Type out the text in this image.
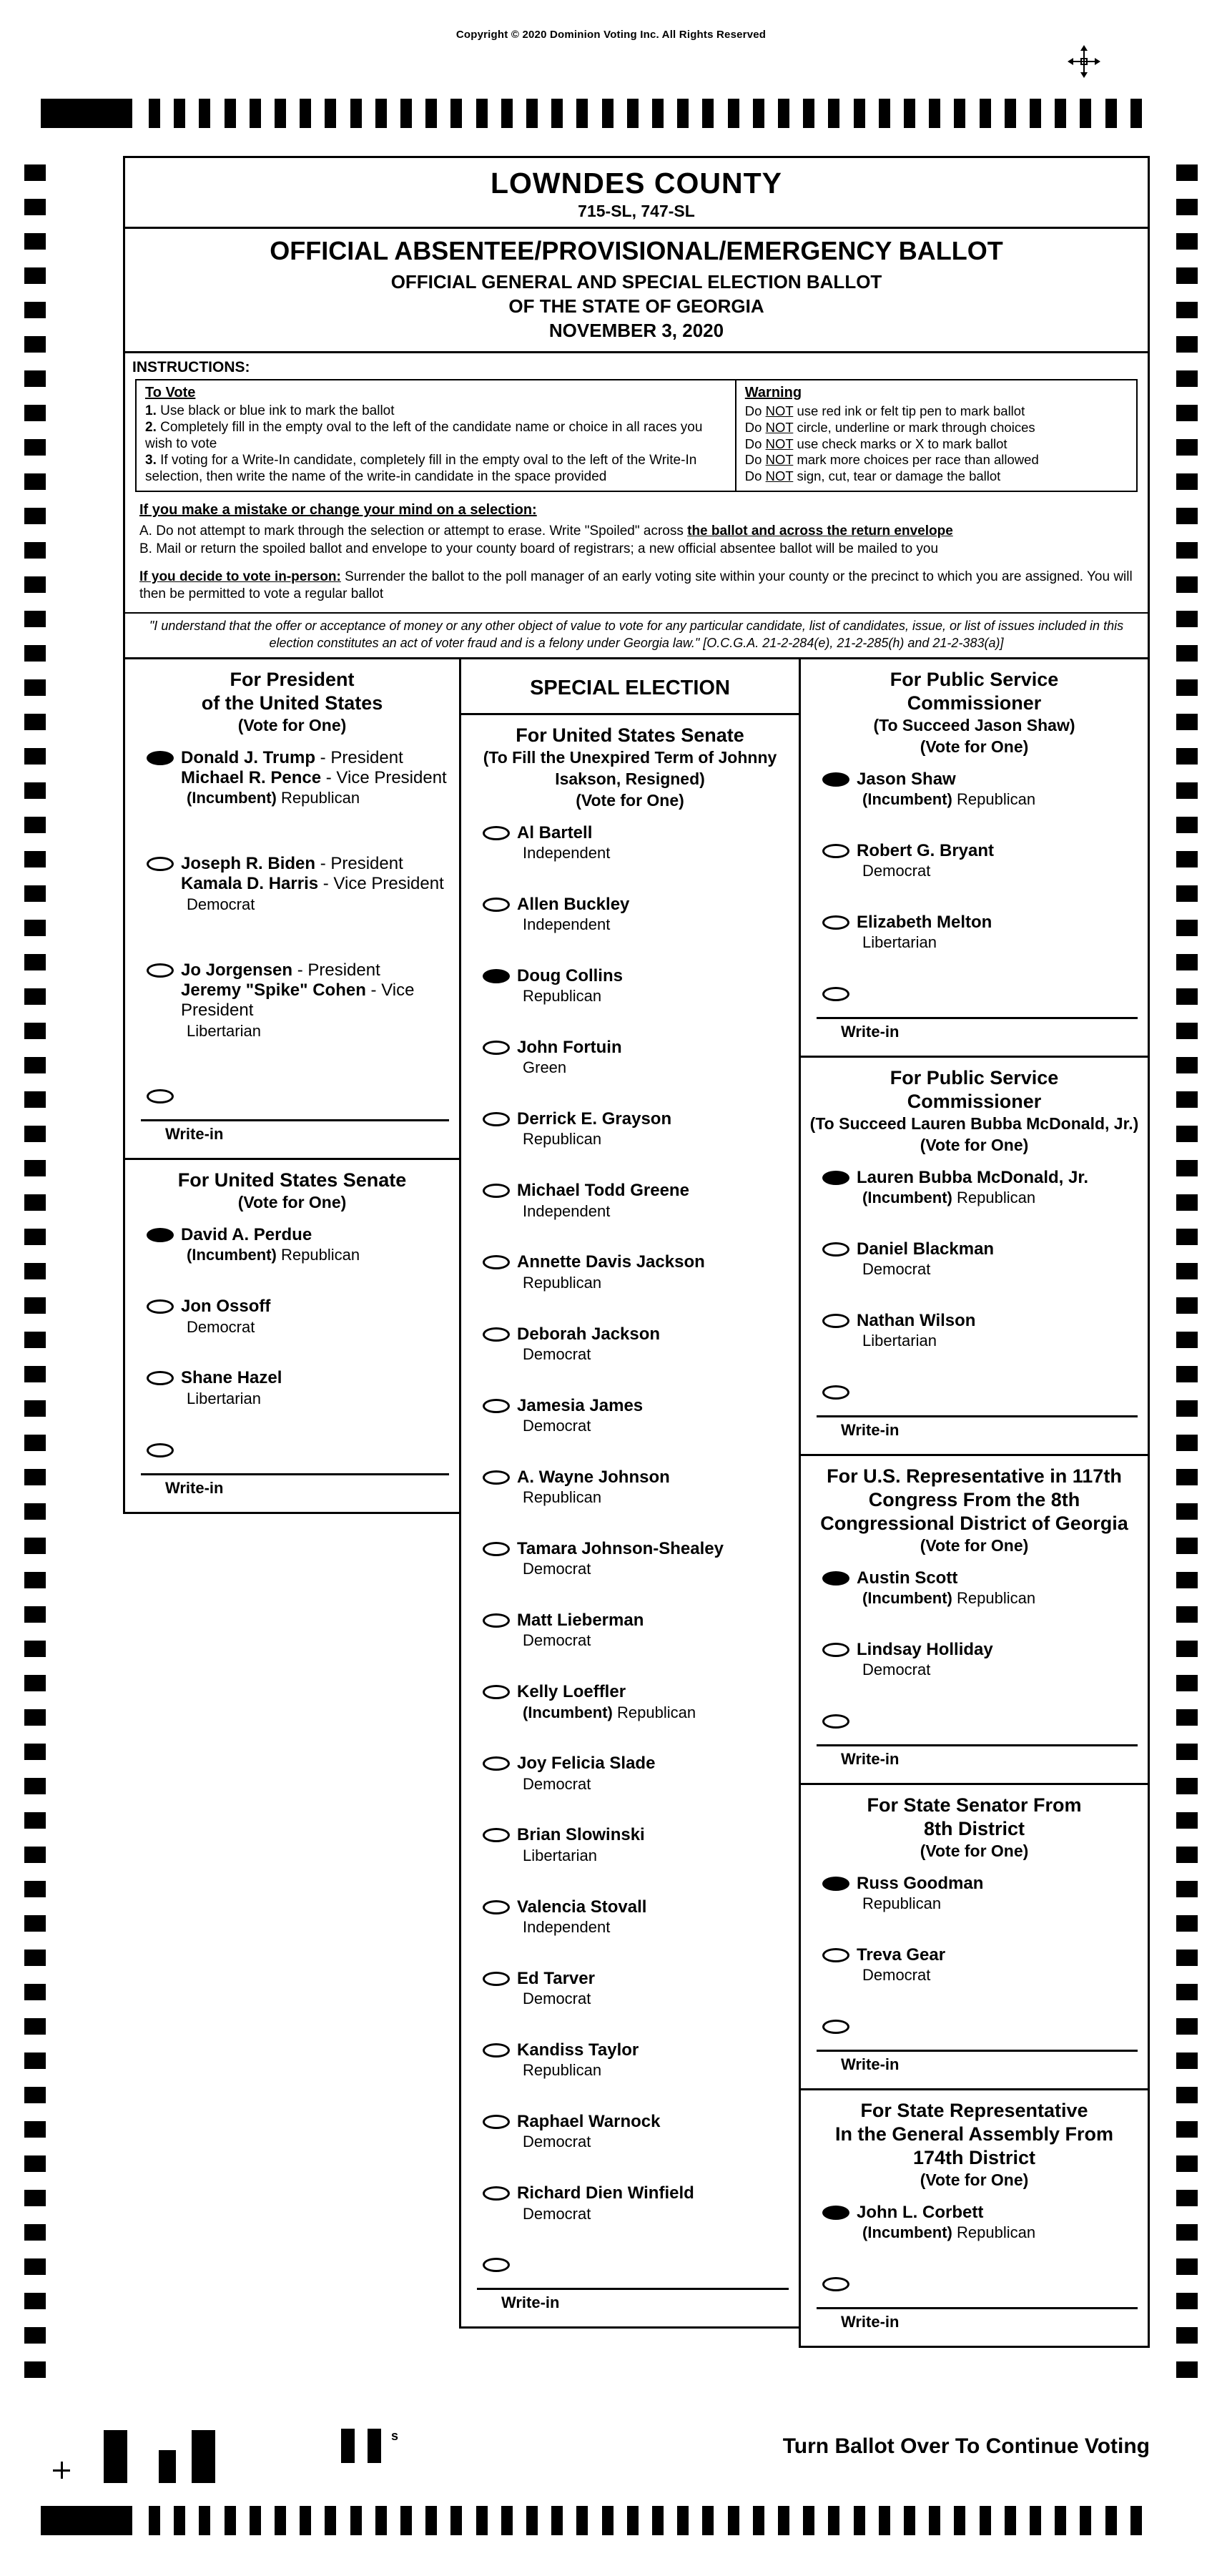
Copyright © 2020 Dominion Voting Inc. All Rights Reserved
LOWNDES COUNTY
715-SL, 747-SL
OFFICIAL ABSENTEE/PROVISIONAL/EMERGENCY BALLOT
OFFICIAL GENERAL AND SPECIAL ELECTION BALLOT
OF THE STATE OF GEORGIA
NOVEMBER 3, 2020
INSTRUCTIONS:
To Vote
1. Use black or blue ink to mark the ballot
2. Completely fill in the empty oval to the left of the candidate name or choice in all races you wish to vote
3. If voting for a Write-In candidate, completely fill in the empty oval to the left of the Write-In selection, then write the name of the write-in candidate in the space provided
Warning
Do NOT use red ink or felt tip pen to mark ballot
Do NOT circle, underline or mark through choices
Do NOT use check marks or X to mark ballot
Do NOT mark more choices per race than allowed
Do NOT sign, cut, tear or damage the ballot
If you make a mistake or change your mind on a selection:
A. Do not attempt to mark through the selection or attempt to erase. Write "Spoiled" across the ballot and across the return envelope
B. Mail or return the spoiled ballot and envelope to your county board of registrars; a new official absentee ballot will be mailed to you
If you decide to vote in-person: Surrender the ballot to the poll manager of an early voting site within your county or the precinct to which you are assigned. You will then be permitted to vote a regular ballot
"I understand that the offer or acceptance of money or any other object of value to vote for any particular candidate, list of candidates, issue, or list of issues included in this election constitutes an act of voter fraud and is a felony under Georgia law." [O.C.G.A. 21-2-284(e), 21-2-285(h) and 21-2-383(a)]
For President
of the United States
(Vote for One)
Donald J. Trump - President
Michael R. Pence - Vice President
(Incumbent) Republican
Joseph R. Biden - President
Kamala D. Harris - Vice President
Democrat
Jo Jorgensen - President
Jeremy "Spike" Cohen - Vice President
Libertarian
Write-in
For United States Senate
(Vote for One)
David A. Perdue
(Incumbent) Republican
Jon Ossoff
Democrat
Shane Hazel
Libertarian
Write-in
SPECIAL ELECTION
For United States Senate
(To Fill the Unexpired Term of Johnny
Isakson, Resigned)
(Vote for One)
Al Bartell
Independent
Allen Buckley
Independent
Doug Collins
Republican
John Fortuin
Green
Derrick E. Grayson
Republican
Michael Todd Greene
Independent
Annette Davis Jackson
Republican
Deborah Jackson
Democrat
Jamesia James
Democrat
A. Wayne Johnson
Republican
Tamara Johnson-Shealey
Democrat
Matt Lieberman
Democrat
Kelly Loeffler
(Incumbent) Republican
Joy Felicia Slade
Democrat
Brian Slowinski
Libertarian
Valencia Stovall
Independent
Ed Tarver
Democrat
Kandiss Taylor
Republican
Raphael Warnock
Democrat
Richard Dien Winfield
Democrat
Write-in
For Public Service
Commissioner
(To Succeed Jason Shaw)
(Vote for One)
Jason Shaw
(Incumbent) Republican
Robert G. Bryant
Democrat
Elizabeth Melton
Libertarian
Write-in
For Public Service
Commissioner
(To Succeed Lauren Bubba McDonald, Jr.)
(Vote for One)
Lauren Bubba McDonald, Jr.
(Incumbent) Republican
Daniel Blackman
Democrat
Nathan Wilson
Libertarian
Write-in
For U.S. Representative in 117th
Congress From the 8th
Congressional District of Georgia
(Vote for One)
Austin Scott
(Incumbent) Republican
Lindsay Holliday
Democrat
Write-in
For State Senator From
8th District
(Vote for One)
Russ Goodman
Republican
Treva Gear
Democrat
Write-in
For State Representative
In the General Assembly From
174th District
(Vote for One)
John L. Corbett
(Incumbent) Republican
Write-in
Turn Ballot Over To Continue Voting
s
